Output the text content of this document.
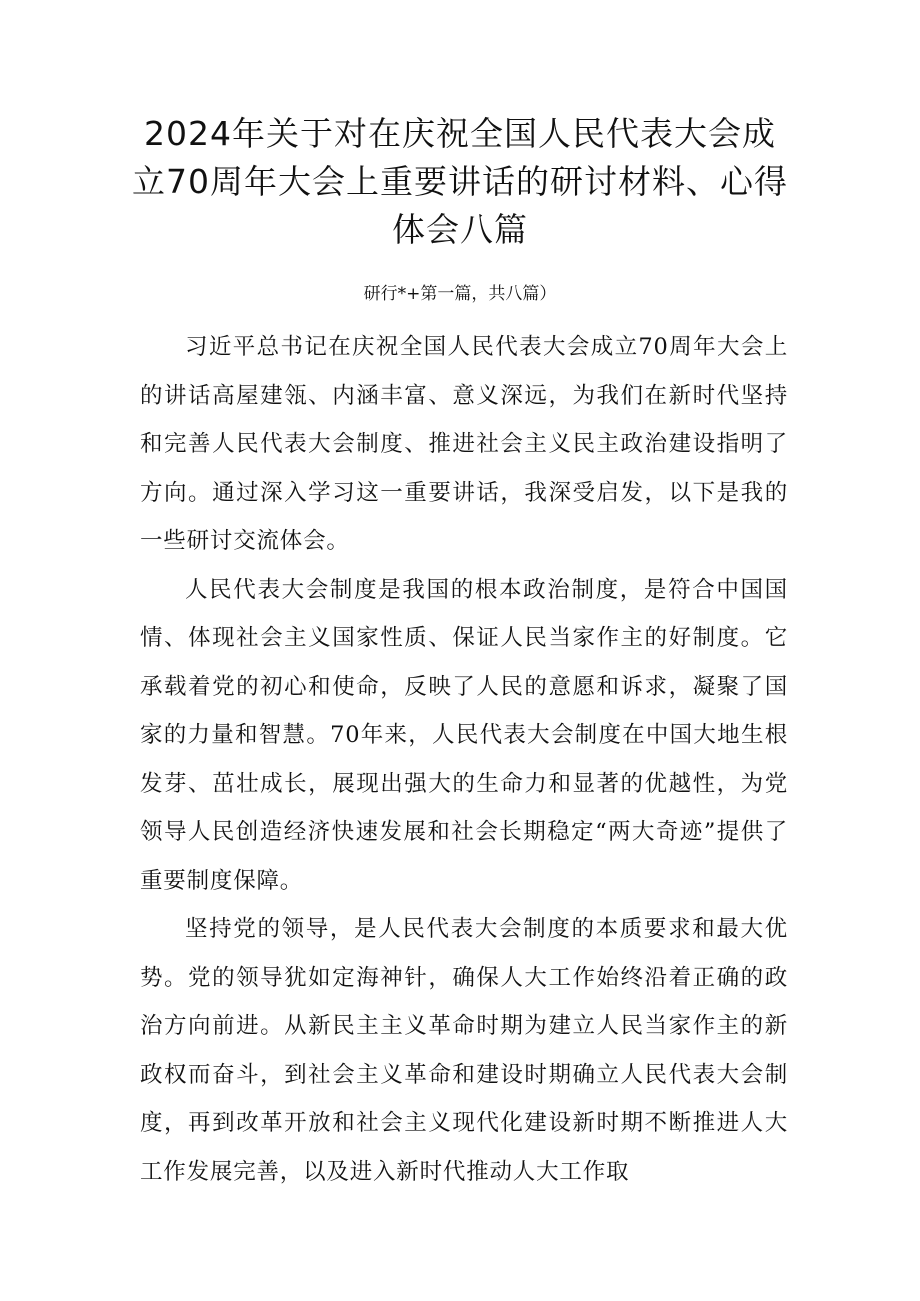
2024年关于对在庆祝全国人民代表大会成立70周年大会上重要讲话的研讨材料、心得体会八篇
研行*+第一篇，共八篇）

习近平总书记在庆祝全国人民代表大会成立70周年大会上的讲话高屋建瓴、内涵丰富、意义深远，为我们在新时代坚持和完善人民代表大会制度、推进社会主义民主政治建设指明了方向。通过深入学习这一重要讲话，我深受启发，以下是我的一些研讨交流体会。

人民代表大会制度是我国的根本政治制度，是符合中国国情、体现社会主义国家性质、保证人民当家作主的好制度。它承载着党的初心和使命，反映了人民的意愿和诉求，凝聚了国家的力量和智慧。70年来，人民代表大会制度在中国大地生根发芽、茁壮成长，展现出强大的生命力和显著的优越性，为党领导人民创造经济快速发展和社会长期稳定“两大奇迹”提供了重要制度保障。

坚持党的领导，是人民代表大会制度的本质要求和最大优势。党的领导犹如定海神针，确保人大工作始终沿着正确的政治方向前进。从新民主主义革命时期为建立人民当家作主的新政权而奋斗，到社会主义革命和建设时期确立人民代表大会制度，再到改革开放和社会主义现代化建设新时期不断推进人大工作发展完善，以及进入新时代推动人大工作取
